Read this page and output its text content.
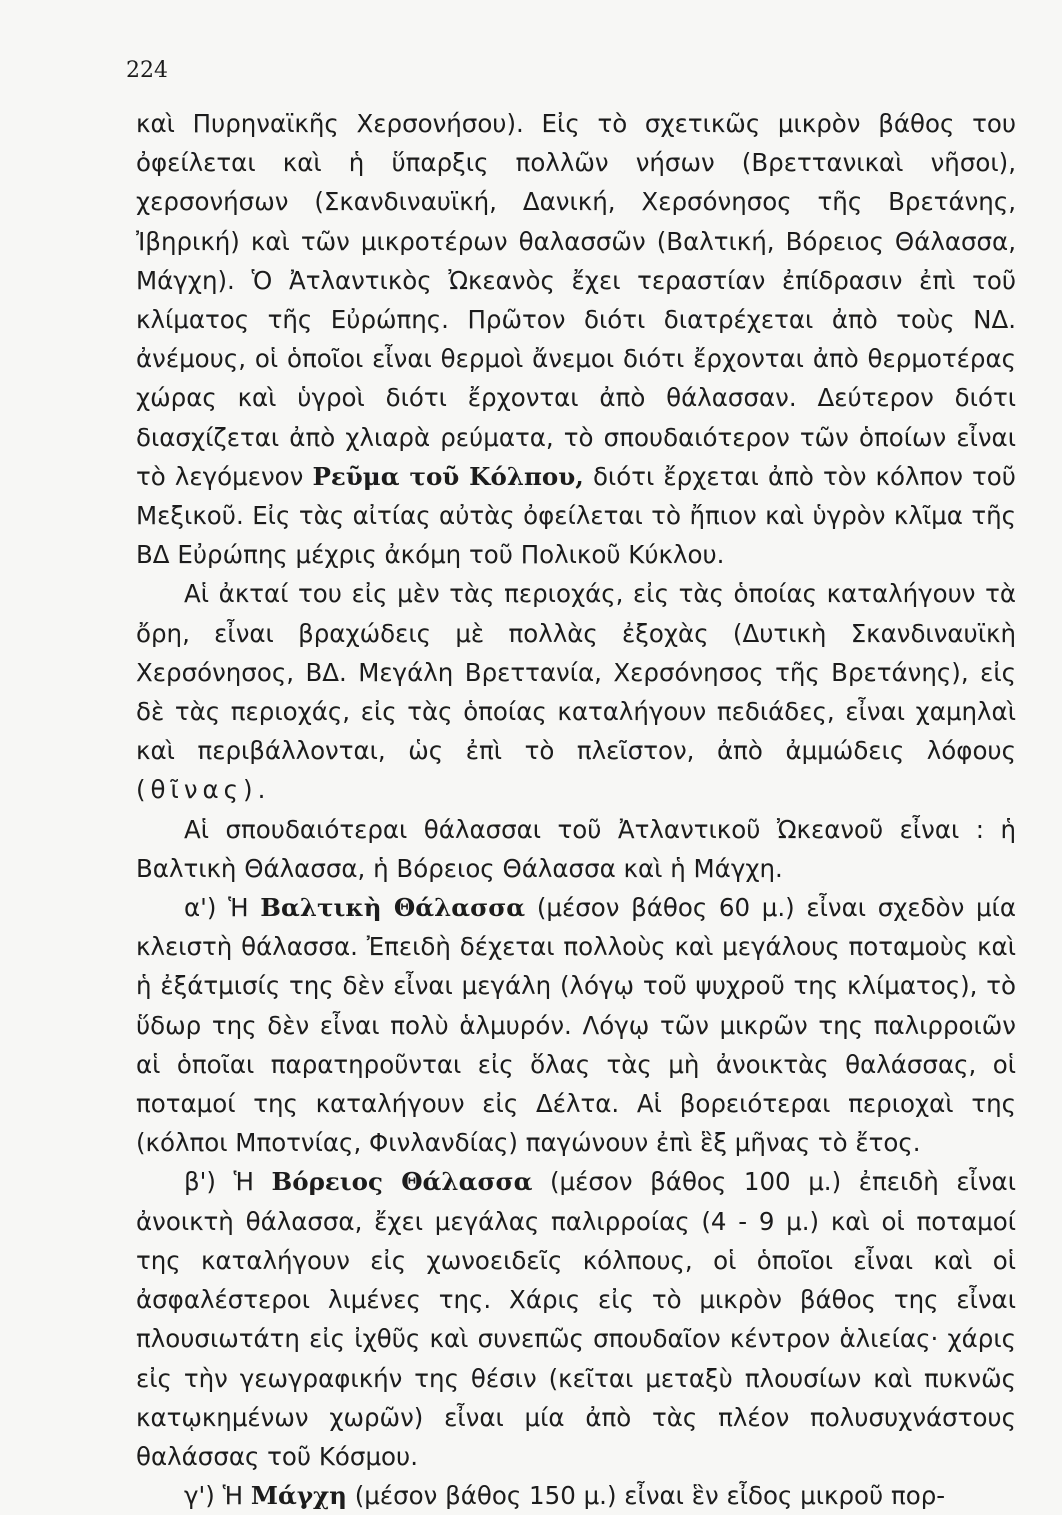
224

καὶ Πυρηναϊκῆς Χερσονήσου). Εἰς τὸ σχετικῶς μικρὸν βάθος του ὀφείλεται καὶ ἡ ὕπαρξις πολλῶν νήσων (Βρεττανικαὶ νῆσοι), χερσονήσων (Σκανδιναυϊκή, Δανική, Χερσόνησος τῆς Βρετάνης, Ἰβηρική) καὶ τῶν μικροτέρων θαλασσῶν (Βαλτική, Βόρειος Θάλασσα, Μάγχη). Ὁ Ἀτλαντικὸς Ὠκεανὸς ἔχει τεραστίαν ἐπίδρασιν ἐπὶ τοῦ κλίματος τῆς Εὐρώπης. Πρῶτον διότι διατρέχεται ἀπὸ τοὺς ΝΔ. ἀνέμους, οἱ ὁποῖοι εἶναι θερμοὶ ἄνεμοι διότι ἔρχονται ἀπὸ θερμοτέρας χώρας καὶ ὑγροὶ διότι ἔρχονται ἀπὸ θάλασσαν. Δεύτερον διότι διασχίζεται ἀπὸ χλιαρὰ ρεύματα, τὸ σπουδαιότερον τῶν ὁποίων εἶναι τὸ λεγόμενον Ρεῦμα τοῦ Κόλπου, διότι ἔρχεται ἀπὸ τὸν κόλπον τοῦ Μεξικοῦ. Εἰς τὰς αἰτίας αὐτὰς ὀφείλεται τὸ ἤπιον καὶ ὑγρὸν κλῖμα τῆς ΒΔ Εὐρώπης μέχρις ἀκόμη τοῦ Πολικοῦ Κύκλου.

Αἱ ἀκταί του εἰς μὲν τὰς περιοχάς, εἰς τὰς ὁποίας καταλήγουν τὰ ὄρη, εἶναι βραχώδεις μὲ πολλὰς ἐξοχὰς (Δυτικὴ Σκανδιναυϊκὴ Χερσόνησος, ΒΔ. Μεγάλη Βρεττανία, Χερσόνησος τῆς Βρετάνης), εἰς δὲ τὰς περιοχάς, εἰς τὰς ὁποίας καταλήγουν πεδιάδες, εἶναι χαμηλαὶ καὶ περιβάλλονται, ὡς ἐπὶ τὸ πλεῖστον, ἀπὸ ἀμμώδεις λόφους (θῖνας).

Αἱ σπουδαιότεραι θάλασσαι τοῦ Ἀτλαντικοῦ Ὠκεανοῦ εἶναι : ἡ Βαλτικὴ Θάλασσα, ἡ Βόρειος Θάλασσα καὶ ἡ Μάγχη.

α') Ἡ Βαλτικὴ Θάλασσα (μέσον βάθος 60 μ.) εἶναι σχεδὸν μία κλειστὴ θάλασσα. Ἐπειδὴ δέχεται πολλοὺς καὶ μεγάλους ποταμοὺς καὶ ἡ ἐξάτμισίς της δὲν εἶναι μεγάλη (λόγῳ τοῦ ψυχροῦ της κλίματος), τὸ ὕδωρ της δὲν εἶναι πολὺ ἁλμυρόν. Λόγῳ τῶν μικρῶν της παλιρροιῶν αἱ ὁποῖαι παρατηροῦνται εἰς ὅλας τὰς μὴ ἀνοικτὰς θαλάσσας, οἱ ποταμοί της καταλήγουν εἰς Δέλτα. Αἱ βορειότεραι περιοχαὶ της (κόλποι Μποτνίας, Φινλανδίας) παγώνουν ἐπὶ ἓξ μῆνας τὸ ἔτος.

β') Ἡ Βόρειος Θάλασσα (μέσον βάθος 100 μ.) ἐπειδὴ εἶναι ἀνοικτὴ θάλασσα, ἔχει μεγάλας παλιρροίας (4 - 9 μ.) καὶ οἱ ποταμοί της καταλήγουν εἰς χωνοειδεῖς κόλπους, οἱ ὁποῖοι εἶναι καὶ οἱ ἀσφαλέστεροι λιμένες της. Χάρις εἰς τὸ μικρὸν βάθος της εἶναι πλουσιωτάτη εἰς ἰχθῦς καὶ συνεπῶς σπουδαῖον κέντρον ἁλιείας· χάρις εἰς τὴν γεωγραφικήν της θέσιν (κεῖται μεταξὺ πλουσίων καὶ πυκνῶς κατῳκημένων χωρῶν) εἶναι μία ἀπὸ τὰς πλέον πολυσυχνάστους θαλάσσας τοῦ Κόσμου.

γ') Ἡ Μάγχη (μέσον βάθος 150 μ.) εἶναι ἓν εἶδος μικροῦ πορ-
